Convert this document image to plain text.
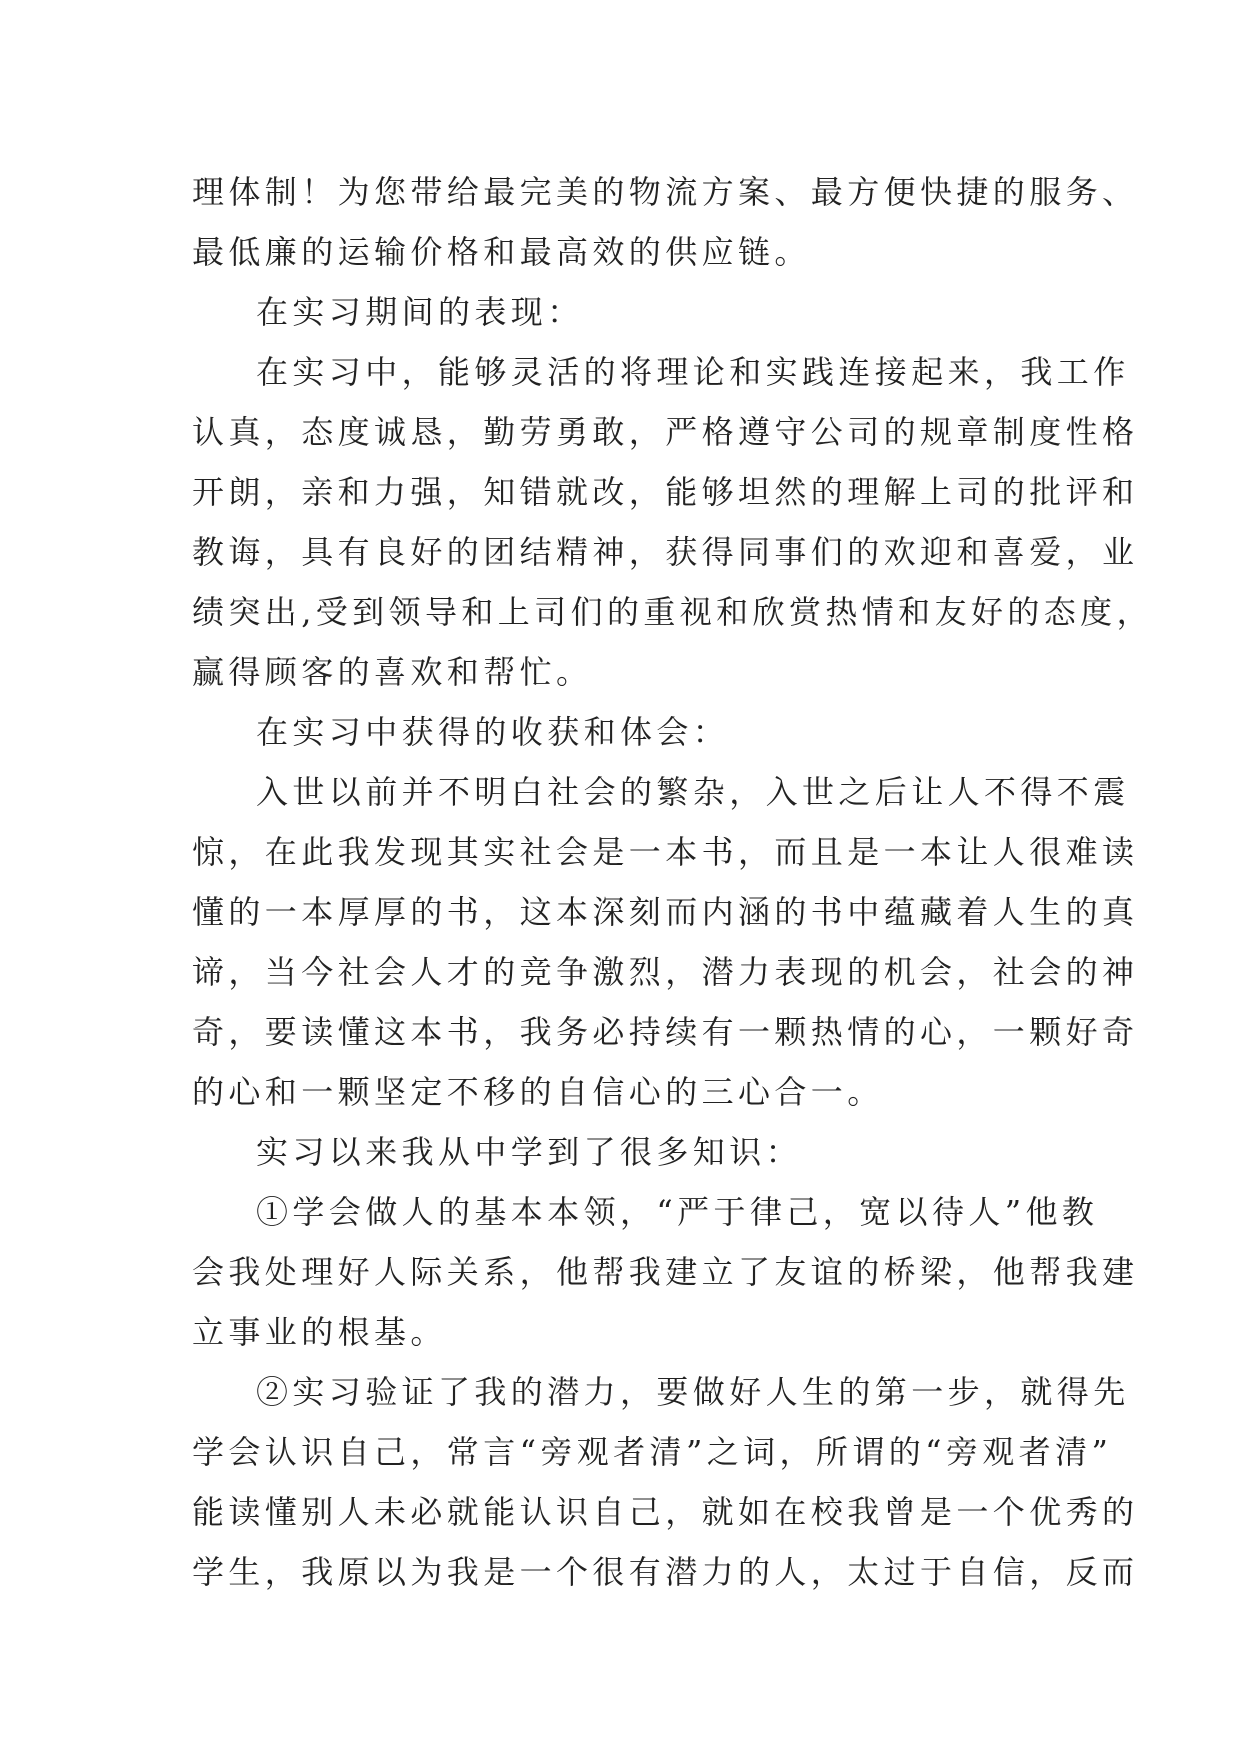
理体制！为您带给最完美的物流方案、最方便快捷的服务、
最低廉的运输价格和最高效的供应链。

在实习期间的表现：

在实习中，能够灵活的将理论和实践连接起来，我工作
认真，态度诚恳，勤劳勇敢，严格遵守公司的规章制度性格
开朗，亲和力强，知错就改，能够坦然的理解上司的批评和
教诲，具有良好的团结精神，获得同事们的欢迎和喜爱，业
绩突出,受到领导和上司们的重视和欣赏热情和友好的态度，
赢得顾客的喜欢和帮忙。

在实习中获得的收获和体会：

入世以前并不明白社会的繁杂，入世之后让人不得不震
惊，在此我发现其实社会是一本书，而且是一本让人很难读
懂的一本厚厚的书，这本深刻而内涵的书中蕴藏着人生的真
谛，当今社会人才的竞争激烈，潜力表现的机会，社会的神
奇，要读懂这本书，我务必持续有一颗热情的心，一颗好奇
的心和一颗坚定不移的自信心的三心合一。

实习以来我从中学到了很多知识：

①学会做人的基本本领，“严于律己，宽以待人”他教
会我处理好人际关系，他帮我建立了友谊的桥梁，他帮我建
立事业的根基。

②实习验证了我的潜力，要做好人生的第一步，就得先
学会认识自己，常言“旁观者清”之词，所谓的“旁观者清”
能读懂别人未必就能认识自己，就如在校我曾是一个优秀的
学生，我原以为我是一个很有潜力的人，太过于自信，反而
